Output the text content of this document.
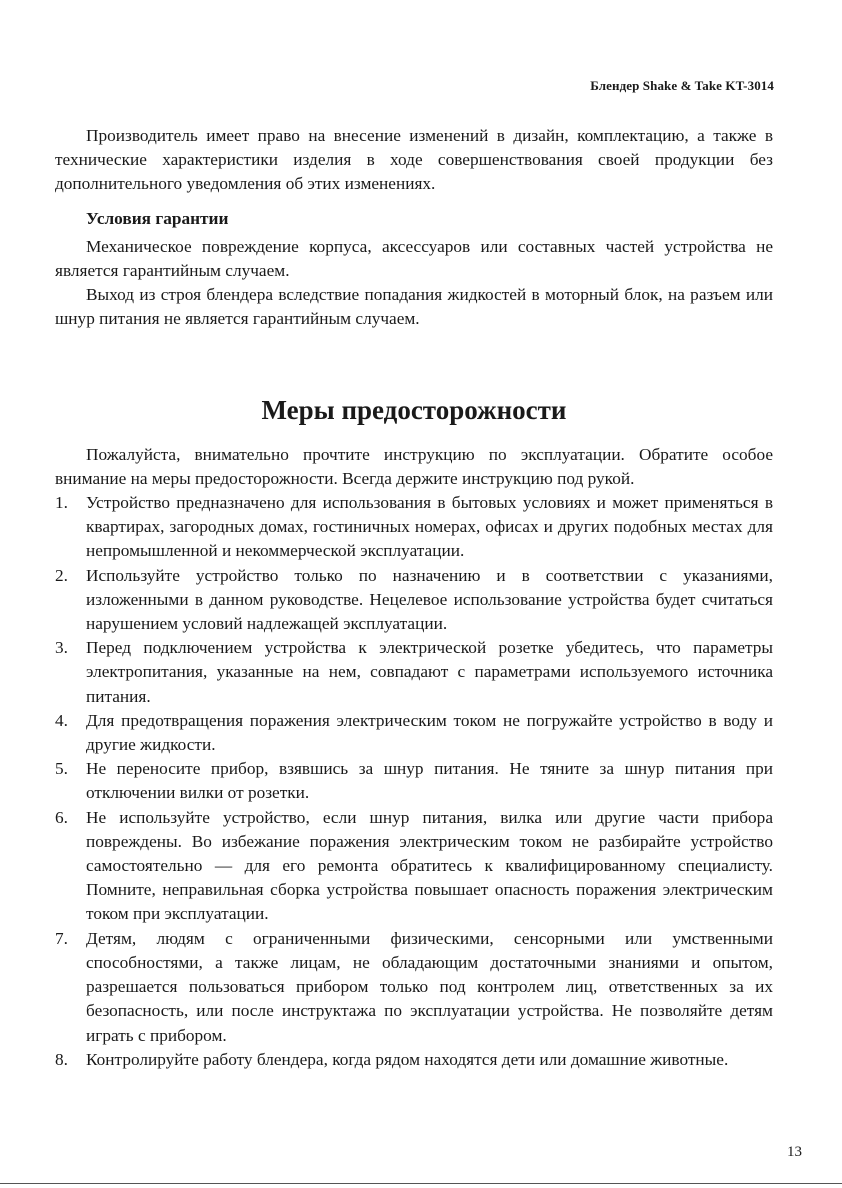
Блендер Shake & Take KT-3014

Производитель имеет право на внесение изменений в дизайн, комплектацию, а также в технические характеристики изделия в ходе совершенствования своей продукции без дополнительного уведомления об этих изменениях.

Условия гарантии

Механическое повреждение корпуса, аксессуаров или составных частей устройства не является гарантийным случаем.

Выход из строя блендера вследствие попадания жидкостей в моторный блок, на разъем или шнур питания не является гарантийным случаем.

Меры предосторожности

Пожалуйста, внимательно прочтите инструкцию по эксплуатации. Обратите особое внимание на меры предосторожности. Всегда держите инструкцию под рукой.

1. Устройство предназначено для использования в бытовых условиях и может применяться в квартирах, загородных домах, гостиничных номерах, офисах и других подобных местах для непромышленной и некоммерческой эксплуатации.
2. Используйте устройство только по назначению и в соответствии с указаниями, изложенными в данном руководстве. Нецелевое использование устройства будет считаться нарушением условий надлежащей эксплуатации.
3. Перед подключением устройства к электрической розетке убедитесь, что параметры электропитания, указанные на нем, совпадают с параметрами используемого источника питания.
4. Для предотвращения поражения электрическим током не погружайте устройство в воду и другие жидкости.
5. Не переносите прибор, взявшись за шнур питания. Не тяните за шнур питания при отключении вилки от розетки.
6. Не используйте устройство, если шнур питания, вилка или другие части прибора повреждены. Во избежание поражения электрическим током не разбирайте устройство самостоятельно — для его ремонта обратитесь к квалифицированному специалисту. Помните, неправильная сборка устройства повышает опасность поражения электрическим током при эксплуатации.
7. Детям, людям с ограниченными физическими, сенсорными или умственными способностями, а также лицам, не обладающим достаточными знаниями и опытом, разрешается пользоваться прибором только под контролем лиц, ответственных за их безопасность, или после инструктажа по эксплуатации устройства. Не позволяйте детям играть с прибором.
8. Контролируйте работу блендера, когда рядом находятся дети или домашние животные.
13
